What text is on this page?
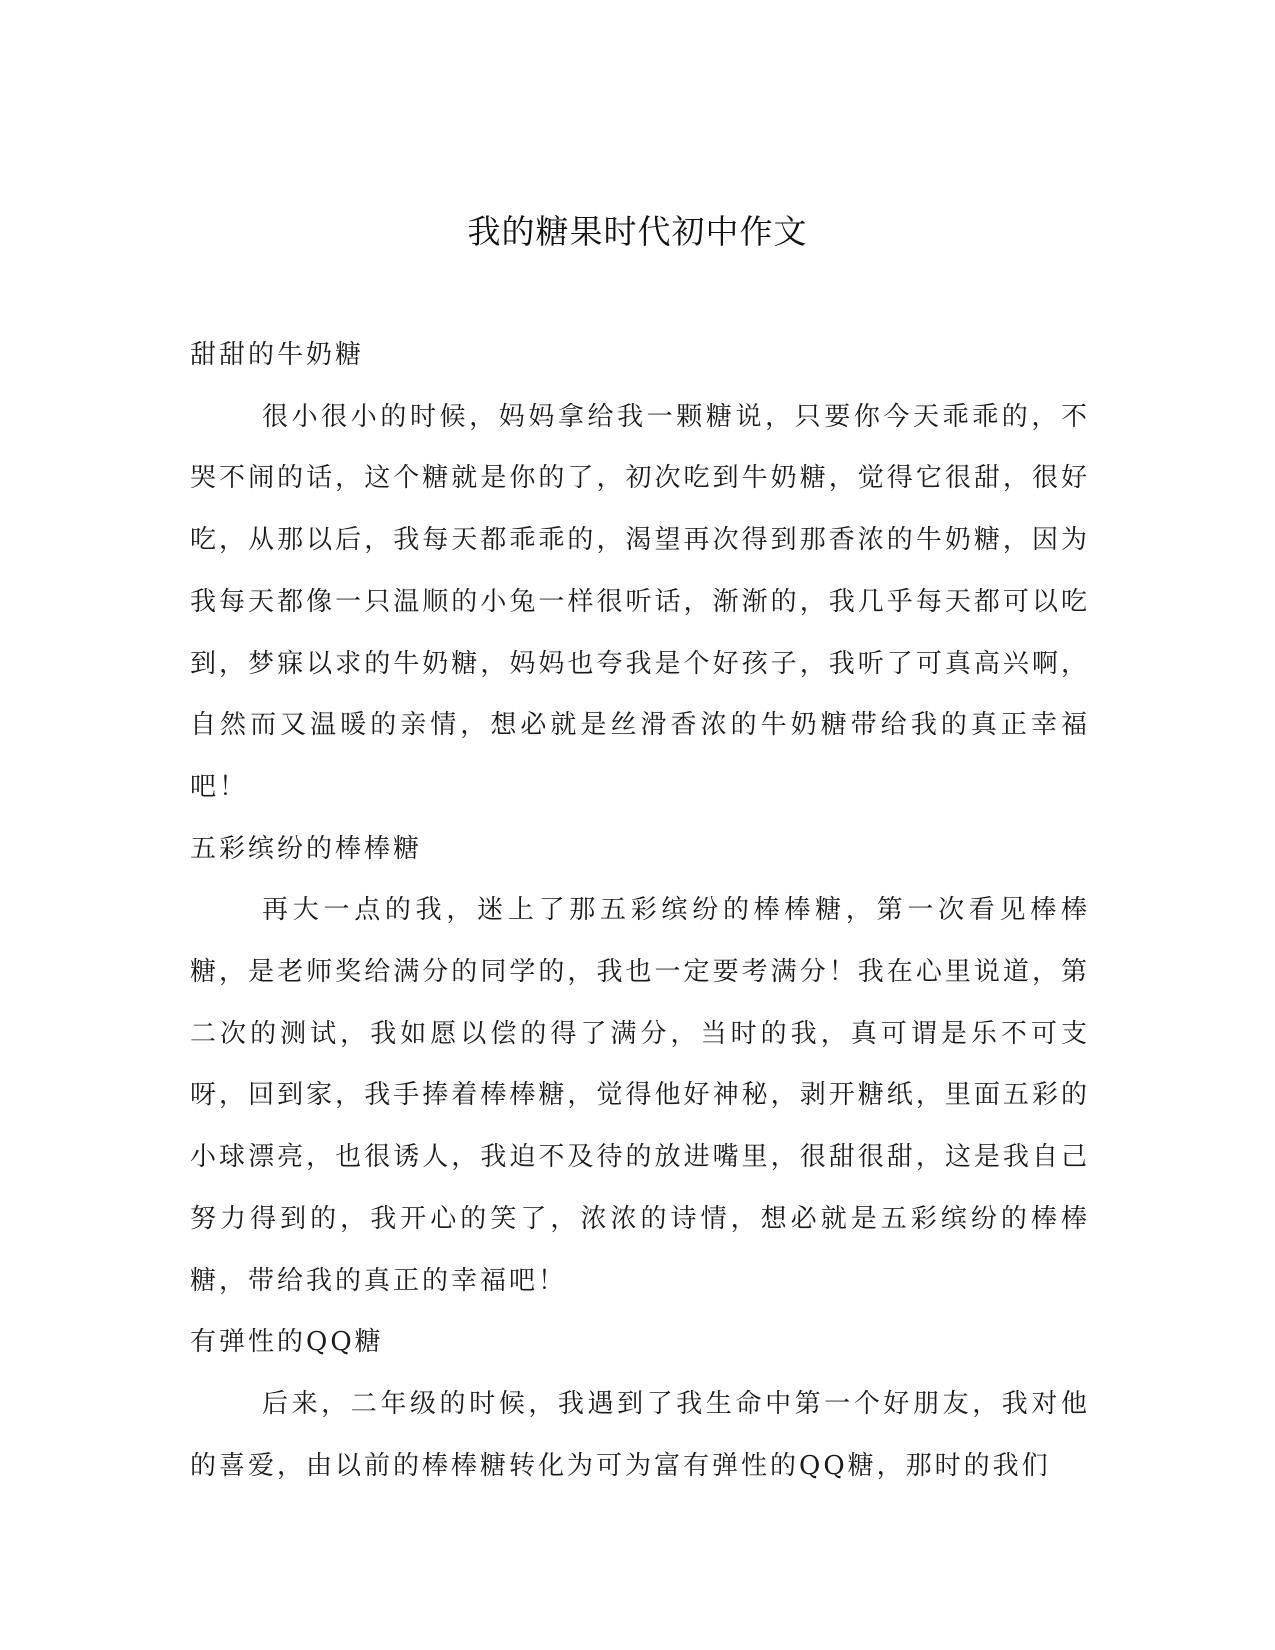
我的糖果时代初中作文

甜甜的牛奶糖

很小很小的时候，妈妈拿给我一颗糖说，只要你今天乖乖的，不哭不闹的话，这个糖就是你的了，初次吃到牛奶糖，觉得它很甜，很好吃，从那以后，我每天都乖乖的，渴望再次得到那香浓的牛奶糖，因为我每天都像一只温顺的小兔一样很听话，渐渐的，我几乎每天都可以吃到，梦寐以求的牛奶糖，妈妈也夸我是个好孩子，我听了可真高兴啊，自然而又温暖的亲情，想必就是丝滑香浓的牛奶糖带给我的真正幸福吧！

五彩缤纷的棒棒糖

再大一点的我，迷上了那五彩缤纷的棒棒糖，第一次看见棒棒糖，是老师奖给满分的同学的，我也一定要考满分！我在心里说道，第二次的测试，我如愿以偿的得了满分，当时的我，真可谓是乐不可支呀，回到家，我手捧着棒棒糖，觉得他好神秘，剥开糖纸，里面五彩的小球漂亮，也很诱人，我迫不及待的放进嘴里，很甜很甜，这是我自己努力得到的，我开心的笑了，浓浓的诗情，想必就是五彩缤纷的棒棒糖，带给我的真正的幸福吧！

有弹性的QQ糖

后来，二年级的时候，我遇到了我生命中第一个好朋友，我对他的喜爱，由以前的棒棒糖转化为可为富有弹性的QQ糖，那时的我们
